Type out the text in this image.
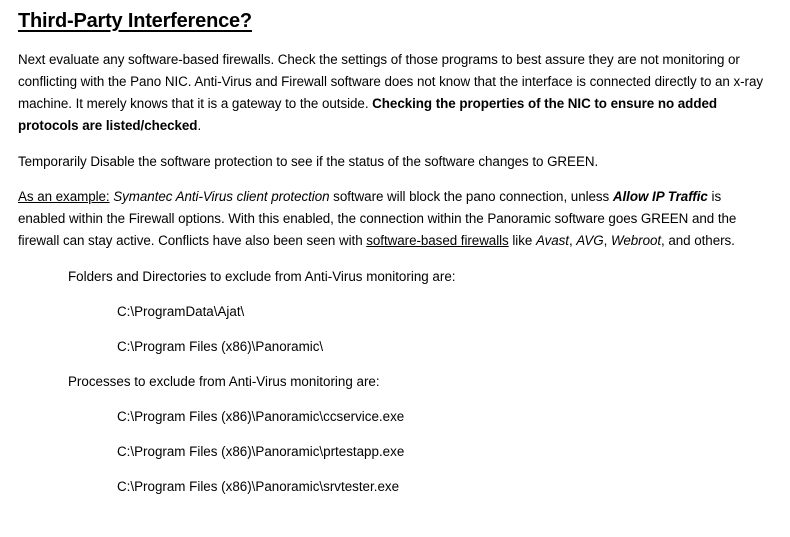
Third-Party Interference?

Next evaluate any software-based firewalls. Check the settings of those programs to best assure they are not monitoring or conflicting with the Pano NIC. Anti-Virus and Firewall software does not know that the interface is connected directly to an x-ray machine. It merely knows that it is a gateway to the outside. Checking the properties of the NIC to ensure no added protocols are listed/checked.

Temporarily Disable the software protection to see if the status of the software changes to GREEN.

As an example: Symantec Anti-Virus client protection software will block the pano connection, unless Allow IP Traffic is enabled within the Firewall options. With this enabled, the connection within the Panoramic software goes GREEN and the firewall can stay active. Conflicts have also been seen with software-based firewalls like Avast, AVG, Webroot, and others.

Folders and Directories to exclude from Anti-Virus monitoring are:
C:\ProgramData\Ajat\
C:\Program Files (x86)\Panoramic\
Processes to exclude from Anti-Virus monitoring are:
C:\Program Files (x86)\Panoramic\ccservice.exe
C:\Program Files (x86)\Panoramic\prtestapp.exe
C:\Program Files (x86)\Panoramic\srvtester.exe
